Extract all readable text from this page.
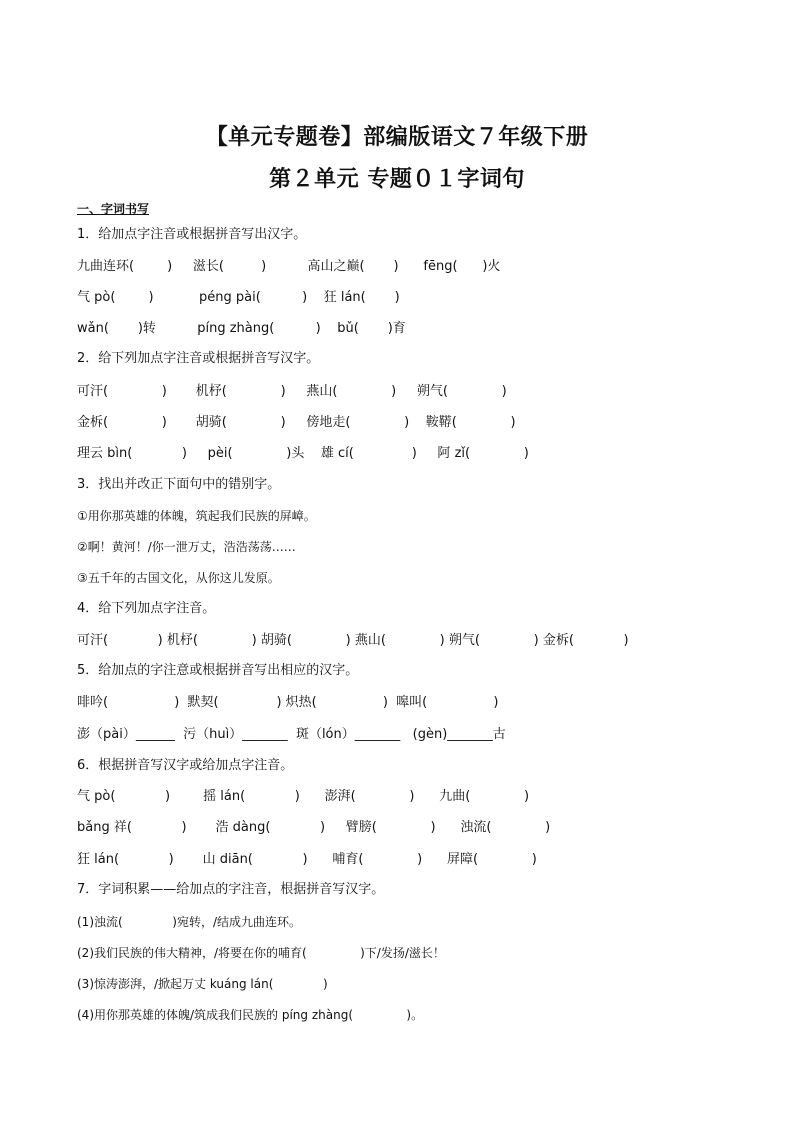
【单元专题卷】部编版语文７年级下册
第２单元 专题０１字词句
一、字词书写
1．给加点字注音或根据拼音写出汉字。
九曲连环(        )     滋长(         )          高山之巅(       )      fēng(      )火
气 pò(        )           péng pài(          )    狂 lán(       )
wǎn(       )转          píng zhàng(          )    bǔ(       )育
2．给下列加点字注音或根据拼音写汉字。
可汗(             )       机杼(             )     燕山(             )     朔气(             )
金柝(             )       胡骑(             )     傍地走(             )    鞍鞯(             )
理云 bìn(            )     pèi(             )头    雄 cí(              )     阿 zǐ(             )
3．找出并改正下面句中的错别字。
①用你那英雄的体魄，筑起我们民族的屏嶂。
②啊！黄河！/你一泄万丈，浩浩荡荡……
③五千年的古国文化，从你这儿发原。
4．给下列加点字注音。
可汗(            ) 机杼(             ) 胡骑(             ) 燕山(             ) 朔气(             ) 金柝(            )
5．给加点的字注意或根据拼音写出相应的汉字。
啡吟(                )  默契(              ) 炽热(                )  嗥叫(                )
澎（pài）______  污（huì）_______  斑（lón）_______   (gèn)_______古
6．根据拼音写汉字或给加点字注音。
气 pò(            )        摇 lán(            )      澎湃(             )      九曲(             )
bǎng 祥(            )       浩 dàng(            )     臂膀(             )      浊流(             )
狂 lán(            )       山 diān(            )      哺育(             )      屏障(             )
7．字词积累——给加点的字注音，根据拼音写汉字。
(1)浊流(             )宛转，/结成九曲连环。
(2)我们民族的伟大精神，/将要在你的哺育(              )下/发扬/滋长！
(3)惊涛澎湃，/掀起万丈 kuáng lán(             )
(4)用你那英雄的体魄/筑成我们民族的 píng zhàng(              )。
